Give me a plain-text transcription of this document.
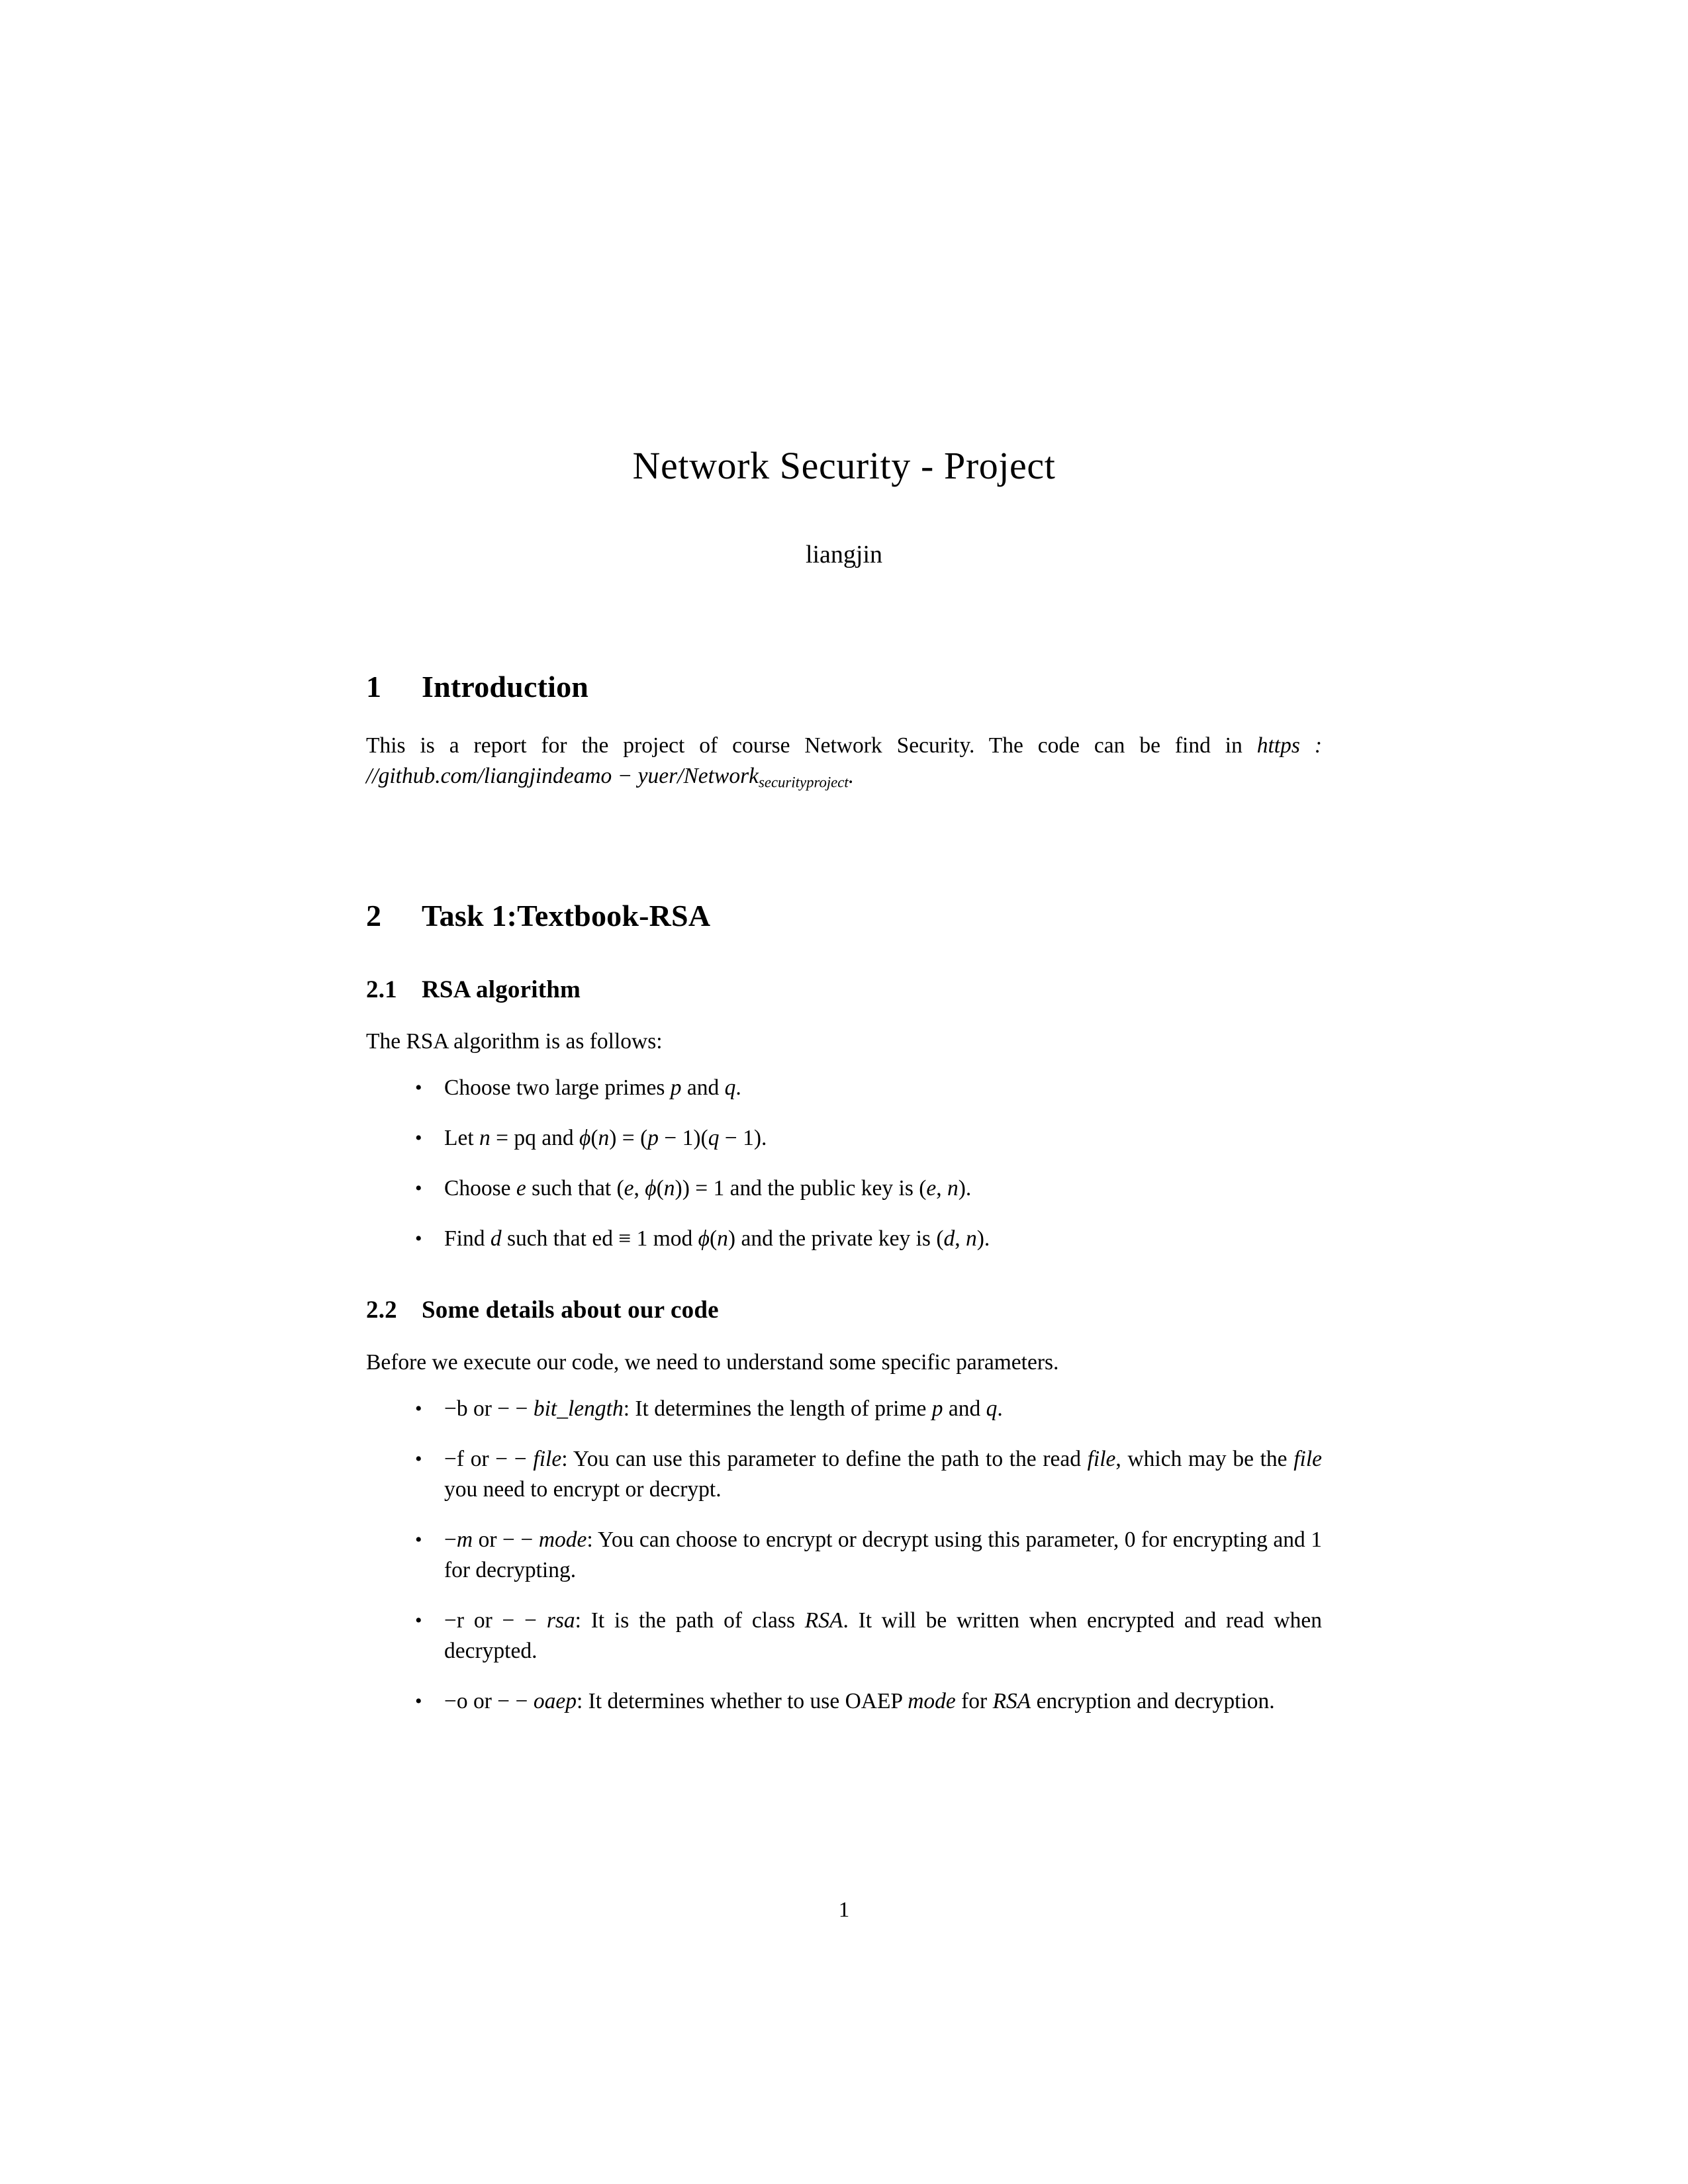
Network Security - Project
liangjin
1 Introduction

This is a report for the project of course Network Security. The code can be find in https : //github.com/liangjindeamo − yuer/Network$_{securityproject}$.

2 Task 1:Textbook-RSA
2.1 RSA algorithm

The RSA algorithm is as follows:

• Choose two large primes p and q.
• Let n = pq and ϕ(n) = (p − 1)(q − 1).
• Choose e such that (e, ϕ(n)) = 1 and the public key is (e, n).
• Find d such that ed ≡ 1 mod ϕ(n) and the private key is (d, n).
2.2 Some details about our code

Before we execute our code, we need to understand some specific parameters.

• −b or − − bit_length: It determines the length of prime p and q.
• −f or − − file: You can use this parameter to define the path to the read file, which may be the file you need to encrypt or decrypt.
• −m or − − mode: You can choose to encrypt or decrypt using this parameter, 0 for encrypting and 1 for decrypting.
• −r or − − rsa: It is the path of class RSA. It will be written when encrypted and read when decrypted.
• −o or − − oaep: It determines whether to use OAEP mode for RSA encryption and decryption.
1
